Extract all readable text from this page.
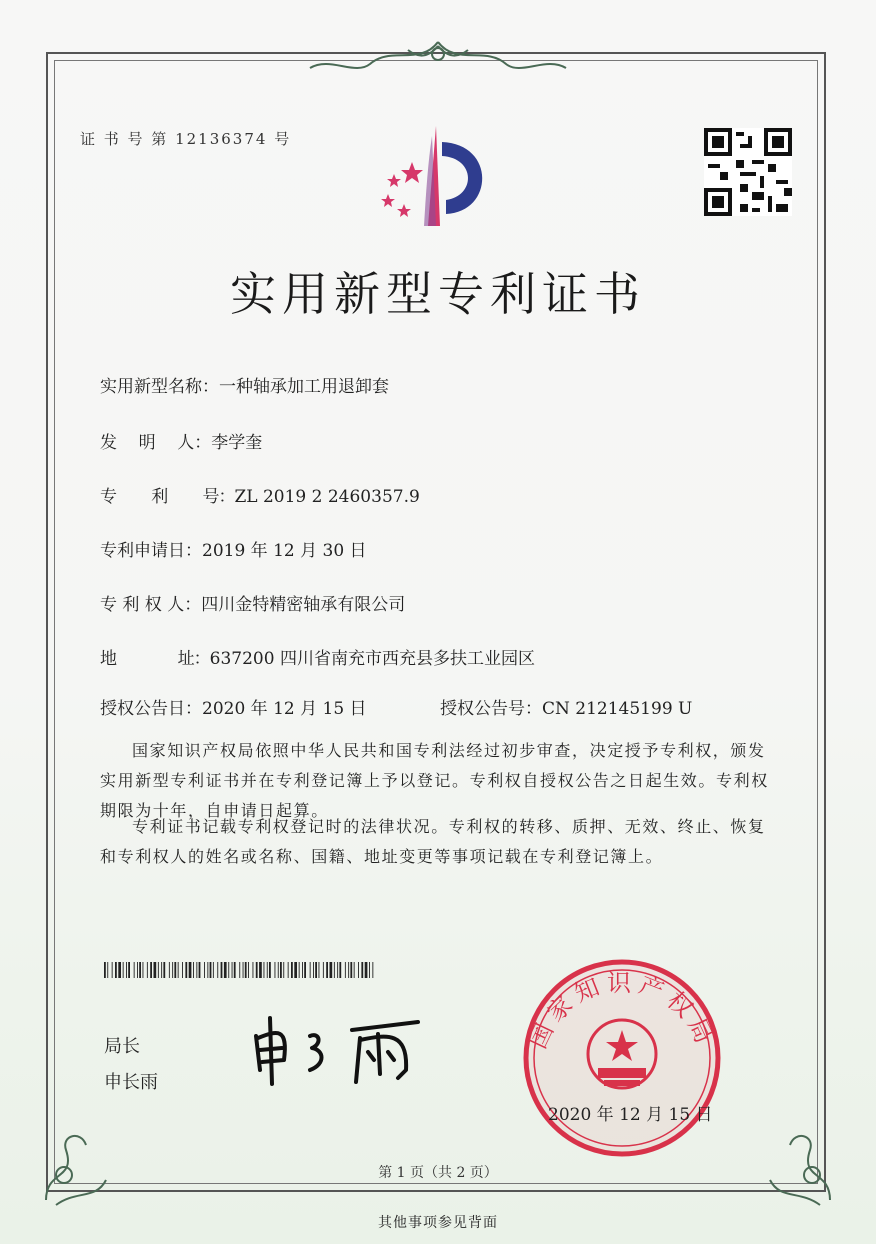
证 书 号 第 12136374 号
实用新型专利证书
实用新型名称：一种轴承加工用退卸套
发    明    人：李学奎
专        利        号：ZL 2019 2 2460357.9
专利申请日：2019 年 12 月 30 日
专 利 权 人：四川金特精密轴承有限公司
地              址：637200 四川省南充市西充县多扶工业园区
授权公告日：2020 年 12 月 15 日	授权公告号：CN 212145199 U
国家知识产权局依照中华人民共和国专利法经过初步审查，决定授予专利权，颁发实用新型专利证书并在专利登记簿上予以登记。专利权自授权公告之日起生效。专利权期限为十年，自申请日起算。
专利证书记载专利权登记时的法律状况。专利权的转移、质押、无效、终止、恢复和专利权人的姓名或名称、国籍、地址变更等事项记载在专利登记簿上。
局长
申长雨
国家知识产权局
2020 年 12 月 15 日
第 1 页（共 2 页）
其他事项参见背面
